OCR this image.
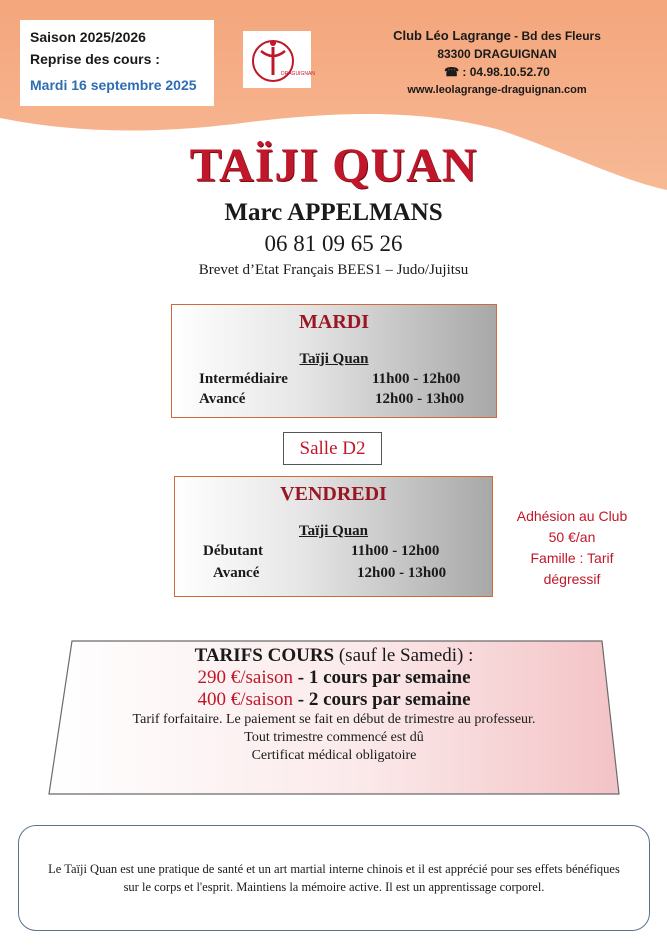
Saison 2025/2026
Reprise des cours :
Mardi 16 septembre 2025
DRAGUIGNAN
Club Léo Lagrange - Bd des Fleurs
83300 DRAGUIGNAN
☎ : 04.98.10.52.70
www.leolagrange-draguignan.com
TAÏJI QUAN
Marc APPELMANS
06 81 09 65 26
Brevet d’Etat Français BEES1 – Judo/Jujitsu
MARDI
Taïji Quan
Intermédiaire	11h00 - 12h00
Avancé	12h00 - 13h00
Salle D2
VENDREDI
Taïji Quan
Débutant	11h00 - 12h00
Avancé	12h00 - 13h00
Adhésion au Club
50 €/an
Famille : Tarif
dégressif
TARIFS COURS (sauf le Samedi) :
290 €/saison - 1 cours par semaine
400 €/saison - 2 cours par semaine
Tarif forfaitaire. Le paiement se fait en début de trimestre au professeur.
Tout trimestre commencé est dû
Certificat médical obligatoire
Le Taïji Quan est une pratique de santé et un art martial interne chinois et il est apprécié pour ses effets bénéfiques sur le corps et l'esprit. Maintiens la mémoire active. Il est un apprentissage corporel.
